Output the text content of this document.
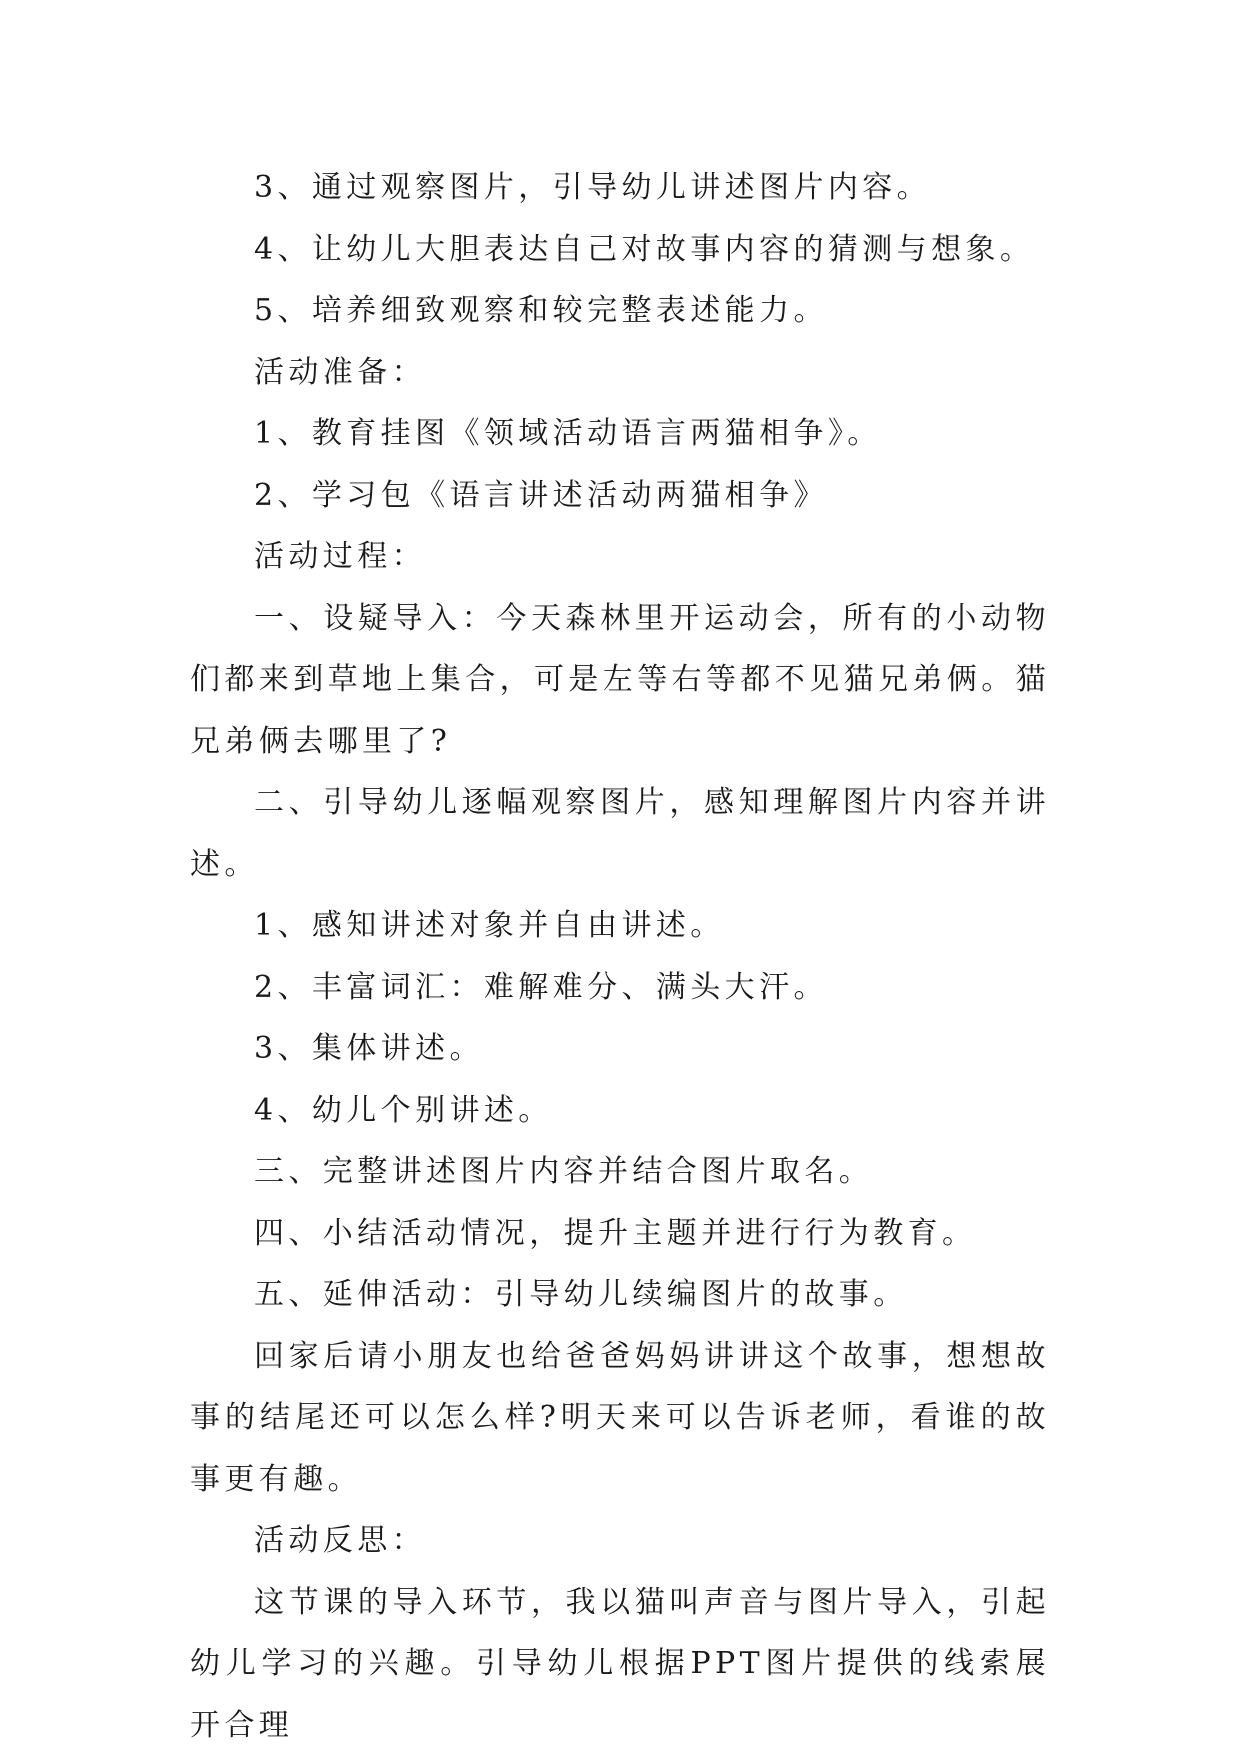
3、通过观察图片，引导幼儿讲述图片内容。

4、让幼儿大胆表达自己对故事内容的猜测与想象。

5、培养细致观察和较完整表述能力。

活动准备：

1、教育挂图《领域活动语言两猫相争》。

2、学习包《语言讲述活动两猫相争》

活动过程：

一、设疑导入：今天森林里开运动会，所有的小动物们都来到草地上集合，可是左等右等都不见猫兄弟俩。猫兄弟俩去哪里了?

二、引导幼儿逐幅观察图片，感知理解图片内容并讲述。

1、感知讲述对象并自由讲述。

2、丰富词汇：难解难分、满头大汗。

3、集体讲述。

4、幼儿个别讲述。

三、完整讲述图片内容并结合图片取名。

四、小结活动情况，提升主题并进行行为教育。

五、延伸活动：引导幼儿续编图片的故事。

回家后请小朋友也给爸爸妈妈讲讲这个故事，想想故事的结尾还可以怎么样?明天来可以告诉老师，看谁的故事更有趣。

活动反思：

这节课的导入环节，我以猫叫声音与图片导入，引起幼儿学习的兴趣。引导幼儿根据PPT图片提供的线索展开合理
